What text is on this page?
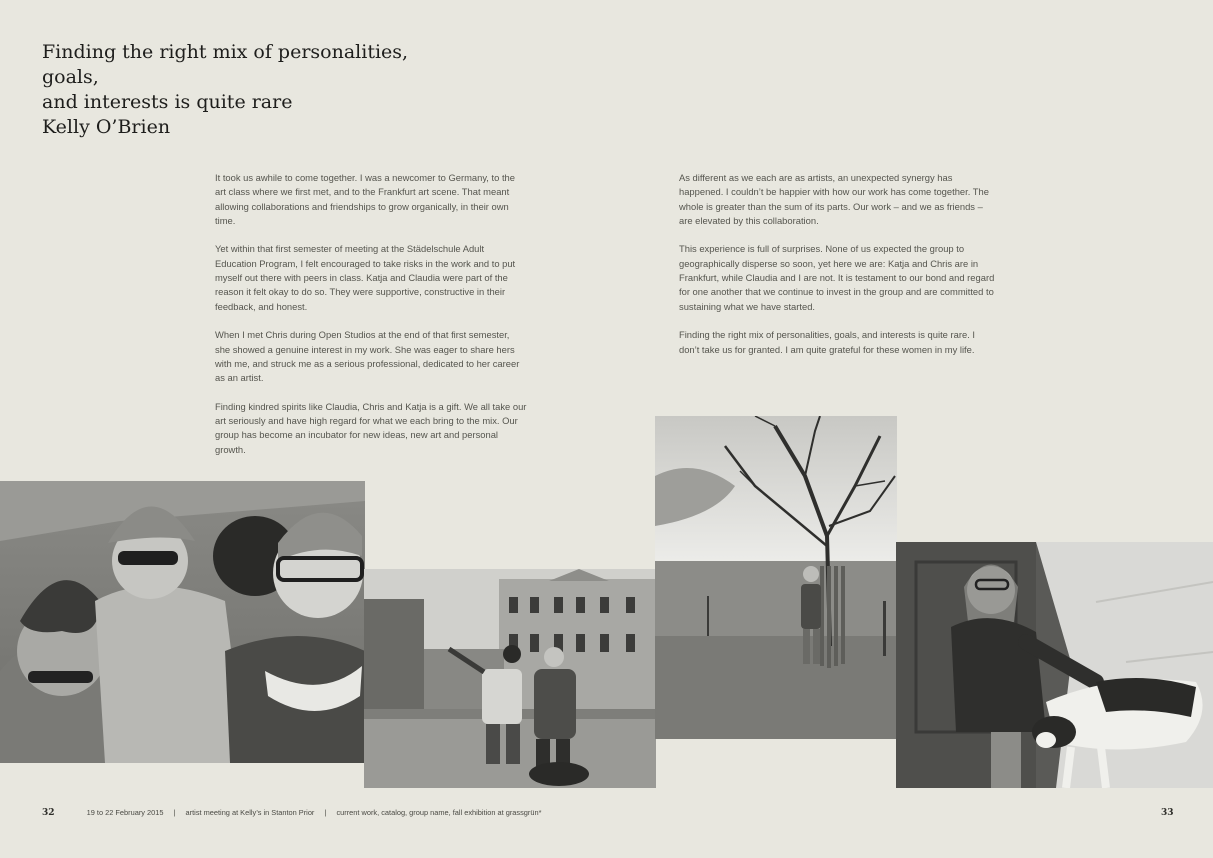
Finding the right mix of personalities, goals,
and interests is quite rare
Kelly O’Brien

It took us awhile to come together. I was a newcomer to Germany, to the art class where we first met, and to the Frankfurt art scene. That meant allowing collaborations and friendships to grow organically, in their own time.

Yet within that first semester of meeting at the Städelschule Adult Education Program, I felt encouraged to take risks in the work and to put myself out there with peers in class. Katja and Claudia were part of the reason it felt okay to do so. They were supportive, constructive in their feedback, and honest.

When I met Chris during Open Studios at the end of that first semester, she showed a genuine interest in my work. She was eager to share hers with me, and struck me as a serious professional, dedicated to her career as an artist.

Finding kindred spirits like Claudia, Chris and Katja is a gift. We all take our art seriously and have high regard for what we each bring to the mix. Our group has become an incubator for new ideas, new art and personal growth.

As different as we each are as artists, an unexpected synergy has happened. I couldn’t be happier with how our work has come together. The whole is greater than the sum of its parts. Our work – and we as friends – are elevated by this collaboration.

This experience is full of surprises. None of us expected the group to geographically disperse so soon, yet here we are: Katja and Chris are in Frankfurt, while Claudia and I are not. It is testament to our bond and regard for one another that we continue to invest in the group and are committed to sustaining what we have started.

Finding the right mix of personalities, goals, and interests is quite rare. I don’t take us for granted. I am quite grateful for these women in my life.

32	19 to 22 February 2015 | artist meeting at Kelly’s in Stanton Prior | current work, catalog, group name, fall exhibition at grassgrün*	33
